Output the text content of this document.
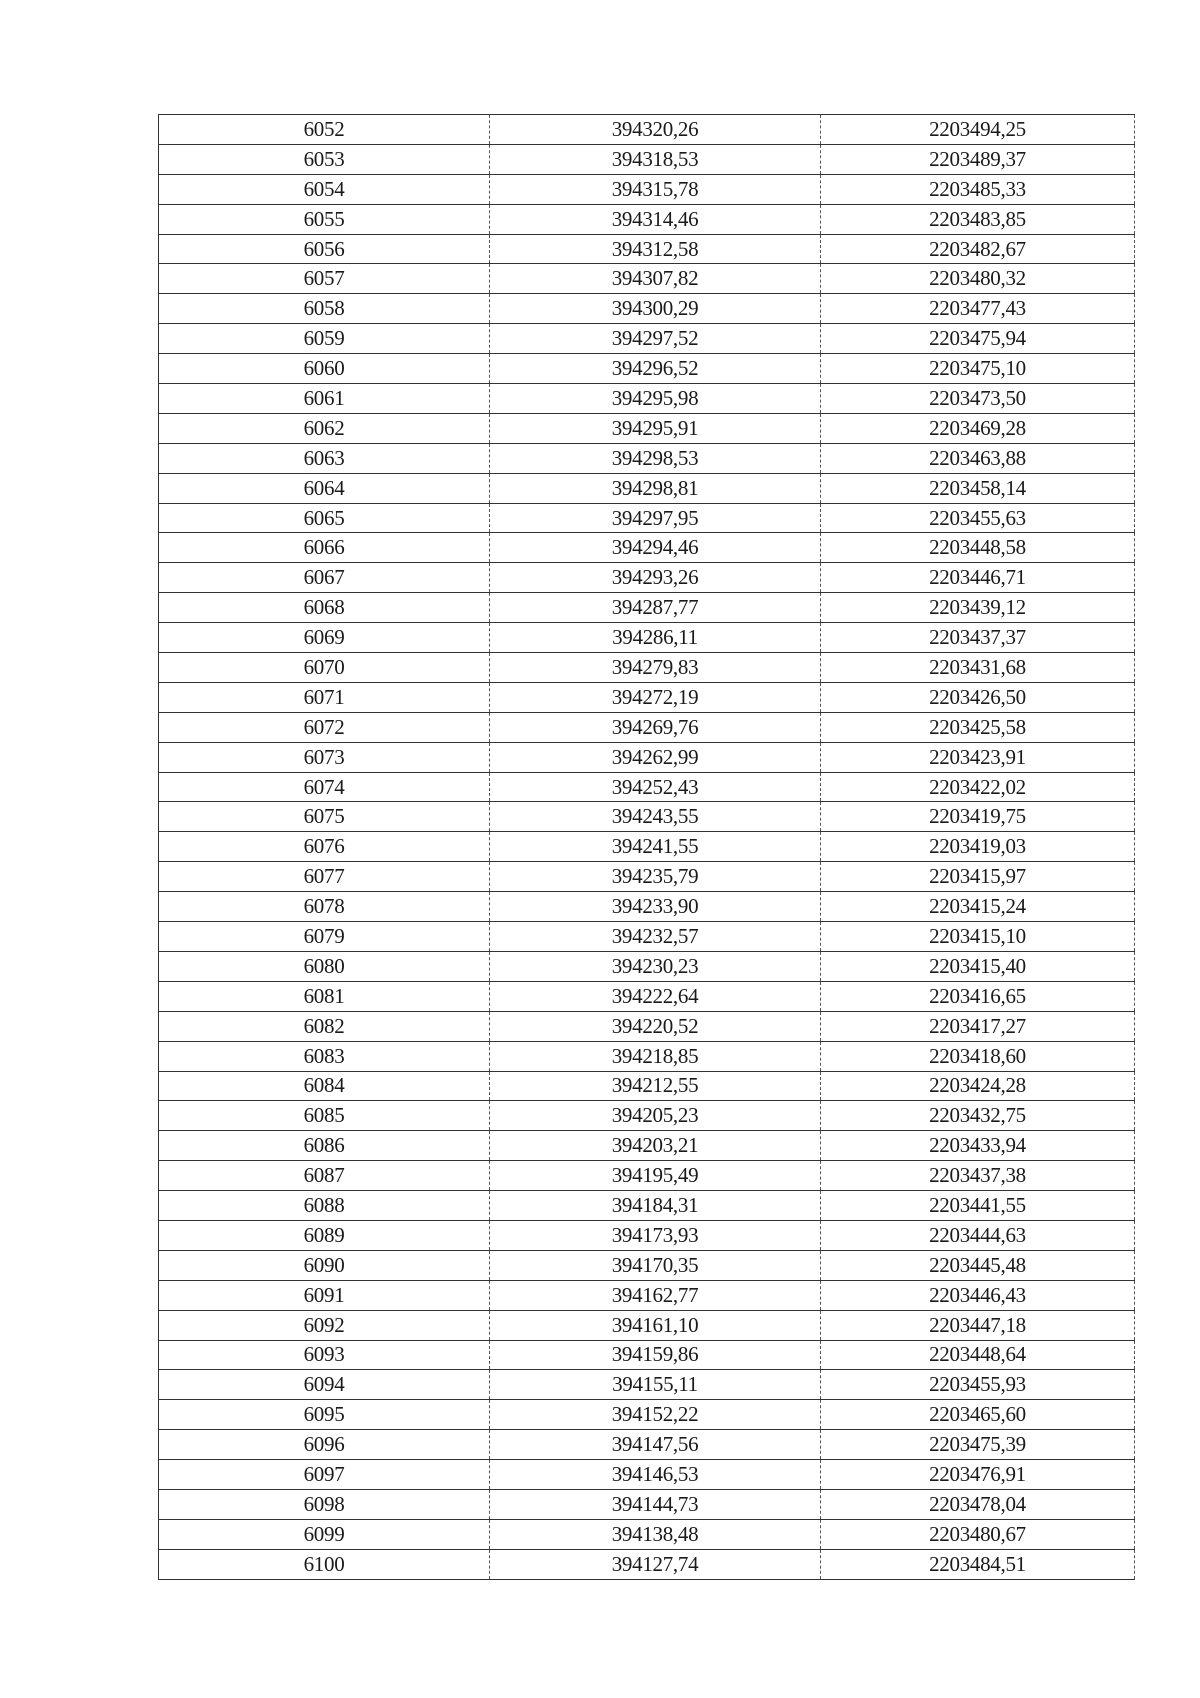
6052	394320,26	2203494,25
6053	394318,53	2203489,37
6054	394315,78	2203485,33
6055	394314,46	2203483,85
6056	394312,58	2203482,67
6057	394307,82	2203480,32
6058	394300,29	2203477,43
6059	394297,52	2203475,94
6060	394296,52	2203475,10
6061	394295,98	2203473,50
6062	394295,91	2203469,28
6063	394298,53	2203463,88
6064	394298,81	2203458,14
6065	394297,95	2203455,63
6066	394294,46	2203448,58
6067	394293,26	2203446,71
6068	394287,77	2203439,12
6069	394286,11	2203437,37
6070	394279,83	2203431,68
6071	394272,19	2203426,50
6072	394269,76	2203425,58
6073	394262,99	2203423,91
6074	394252,43	2203422,02
6075	394243,55	2203419,75
6076	394241,55	2203419,03
6077	394235,79	2203415,97
6078	394233,90	2203415,24
6079	394232,57	2203415,10
6080	394230,23	2203415,40
6081	394222,64	2203416,65
6082	394220,52	2203417,27
6083	394218,85	2203418,60
6084	394212,55	2203424,28
6085	394205,23	2203432,75
6086	394203,21	2203433,94
6087	394195,49	2203437,38
6088	394184,31	2203441,55
6089	394173,93	2203444,63
6090	394170,35	2203445,48
6091	394162,77	2203446,43
6092	394161,10	2203447,18
6093	394159,86	2203448,64
6094	394155,11	2203455,93
6095	394152,22	2203465,60
6096	394147,56	2203475,39
6097	394146,53	2203476,91
6098	394144,73	2203478,04
6099	394138,48	2203480,67
6100	394127,74	2203484,51
